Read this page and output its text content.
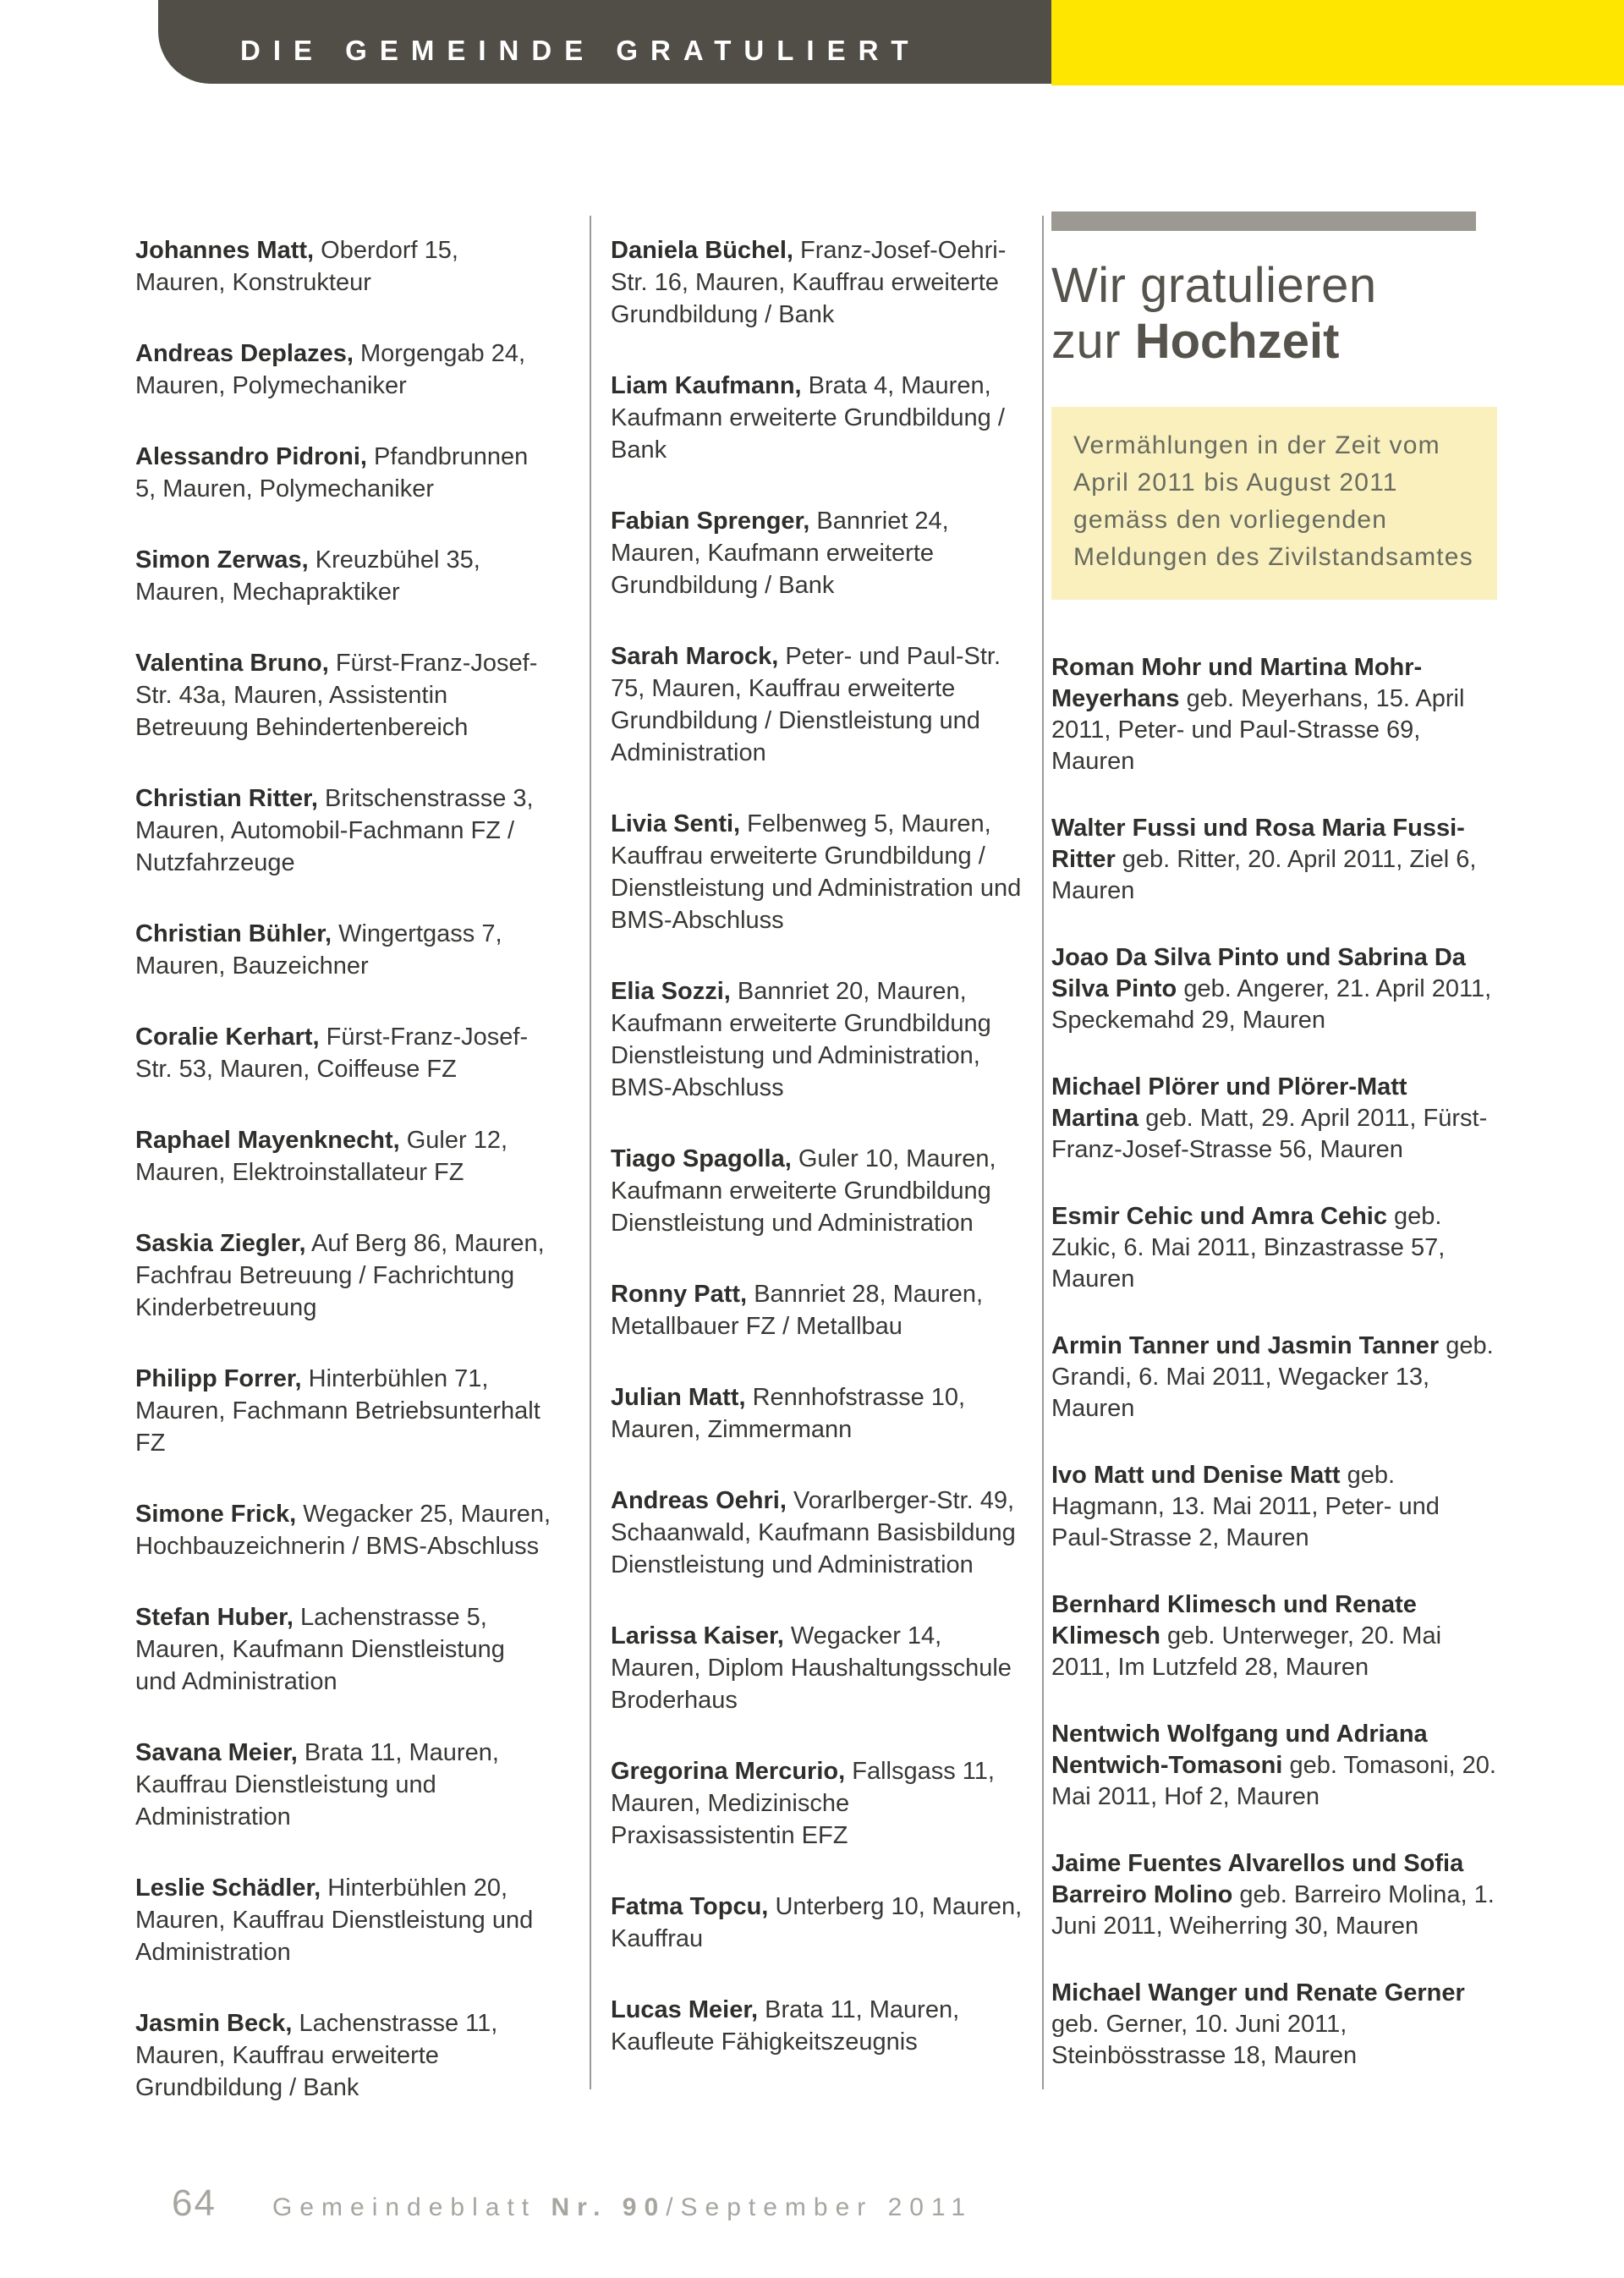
DIE GEMEINDE GRATULIERT

Johannes Matt, Oberdorf 15, Mauren, Konstrukteur

Andreas Deplazes, Morgengab 24, Mauren, Polymechaniker

Alessandro Pidroni, Pfandbrunnen 5, Mauren, Polymechaniker

Simon Zerwas, Kreuzbühel 35, Mauren, Mechapraktiker

Valentina Bruno, Fürst-Franz-Josef-Str. 43a, Mauren, Assistentin Betreuung Behindertenbereich

Christian Ritter, Britschenstrasse 3, Mauren, Automobil-Fachmann FZ / Nutzfahrzeuge

Christian Bühler, Wingertgass 7, Mauren, Bauzeichner

Coralie Kerhart, Fürst-Franz-Josef-Str. 53, Mauren, Coiffeuse FZ

Raphael Mayenknecht, Guler 12, Mauren, Elektroinstallateur FZ

Saskia Ziegler, Auf Berg 86, Mauren, Fachfrau Betreuung / Fachrichtung Kinderbetreuung

Philipp Forrer, Hinterbühlen 71, Mauren, Fachmann Betriebsunterhalt FZ

Simone Frick, Wegacker 25, Mauren, Hochbauzeichnerin / BMS-Abschluss

Stefan Huber, Lachenstrasse 5, Mauren, Kaufmann Dienstleistung und Administration

Savana Meier, Brata 11, Mauren, Kauffrau Dienstleistung und Administration

Leslie Schädler, Hinterbühlen 20, Mauren, Kauffrau Dienstleistung und Administration

Jasmin Beck, Lachenstrasse 11, Mauren, Kauffrau erweiterte Grundbildung / Bank

Daniela Büchel, Franz-Josef-Oehri-Str. 16, Mauren, Kauffrau erweiterte Grundbildung / Bank

Liam Kaufmann, Brata 4, Mauren, Kaufmann erweiterte Grundbildung / Bank

Fabian Sprenger, Bannriet 24, Mauren, Kaufmann erweiterte Grundbildung / Bank

Sarah Marock, Peter- und Paul-Str. 75, Mauren, Kauffrau erweiterte Grundbildung / Dienstleistung und Administration

Livia Senti, Felbenweg 5, Mauren, Kauffrau erweiterte Grundbildung / Dienstleistung und Administration und BMS-Abschluss

Elia Sozzi, Bannriet 20, Mauren, Kaufmann erweiterte Grundbildung Dienstleistung und Administration, BMS-Abschluss

Tiago Spagolla, Guler 10, Mauren, Kaufmann erweiterte Grundbildung Dienstleistung und Administration

Ronny Patt, Bannriet 28, Mauren, Metallbauer FZ / Metallbau

Julian Matt, Rennhofstrasse 10, Mauren, Zimmermann

Andreas Oehri, Vorarlberger-Str. 49, Schaanwald, Kaufmann Basisbildung Dienstleistung und Administration

Larissa Kaiser, Wegacker 14, Mauren, Diplom Haushaltungsschule Broderhaus

Gregorina Mercurio, Fallsgass 11, Mauren, Medizinische Praxisassistentin EFZ

Fatma Topcu, Unterberg 10, Mauren, Kauffrau

Lucas Meier, Brata 11, Mauren, Kaufleute Fähigkeitszeugnis

Wir gratulieren
zur Hochzeit

Vermählungen in der Zeit vom April 2011 bis August 2011 gemäss den vorliegenden Meldungen des Zivilstandsamtes

Roman Mohr und Martina Mohr-Meyerhans geb. Meyerhans, 15. April 2011, Peter- und Paul-Strasse 69, Mauren

Walter Fussi und Rosa Maria Fussi-Ritter geb. Ritter, 20. April 2011, Ziel 6, Mauren

Joao Da Silva Pinto und Sabrina Da Silva Pinto geb. Angerer, 21. April 2011, Speckemahd 29, Mauren

Michael Plörer und Plörer-Matt Martina geb. Matt, 29. April 2011, Fürst-Franz-Josef-Strasse 56, Mauren

Esmir Cehic und Amra Cehic geb. Zukic, 6. Mai 2011, Binzastrasse 57, Mauren

Armin Tanner und Jasmin Tanner geb. Grandi, 6. Mai 2011, Wegacker 13, Mauren

Ivo Matt und Denise Matt geb. Hagmann, 13. Mai 2011, Peter- und Paul-Strasse 2, Mauren

Bernhard Klimesch und Renate Klimesch geb. Unterweger, 20. Mai 2011, Im Lutzfeld 28, Mauren

Nentwich Wolfgang und Adriana Nentwich-Tomasoni geb. Tomasoni, 20. Mai 2011, Hof 2, Mauren

Jaime Fuentes Alvarellos und Sofia Barreiro Molino geb. Barreiro Molina, 1. Juni 2011, Weiherring 30, Mauren

Michael Wanger und Renate Gerner geb. Gerner, 10. Juni 2011, Steinbösstrasse 18, Mauren

64 Gemeindeblatt Nr. 90/September 2011
